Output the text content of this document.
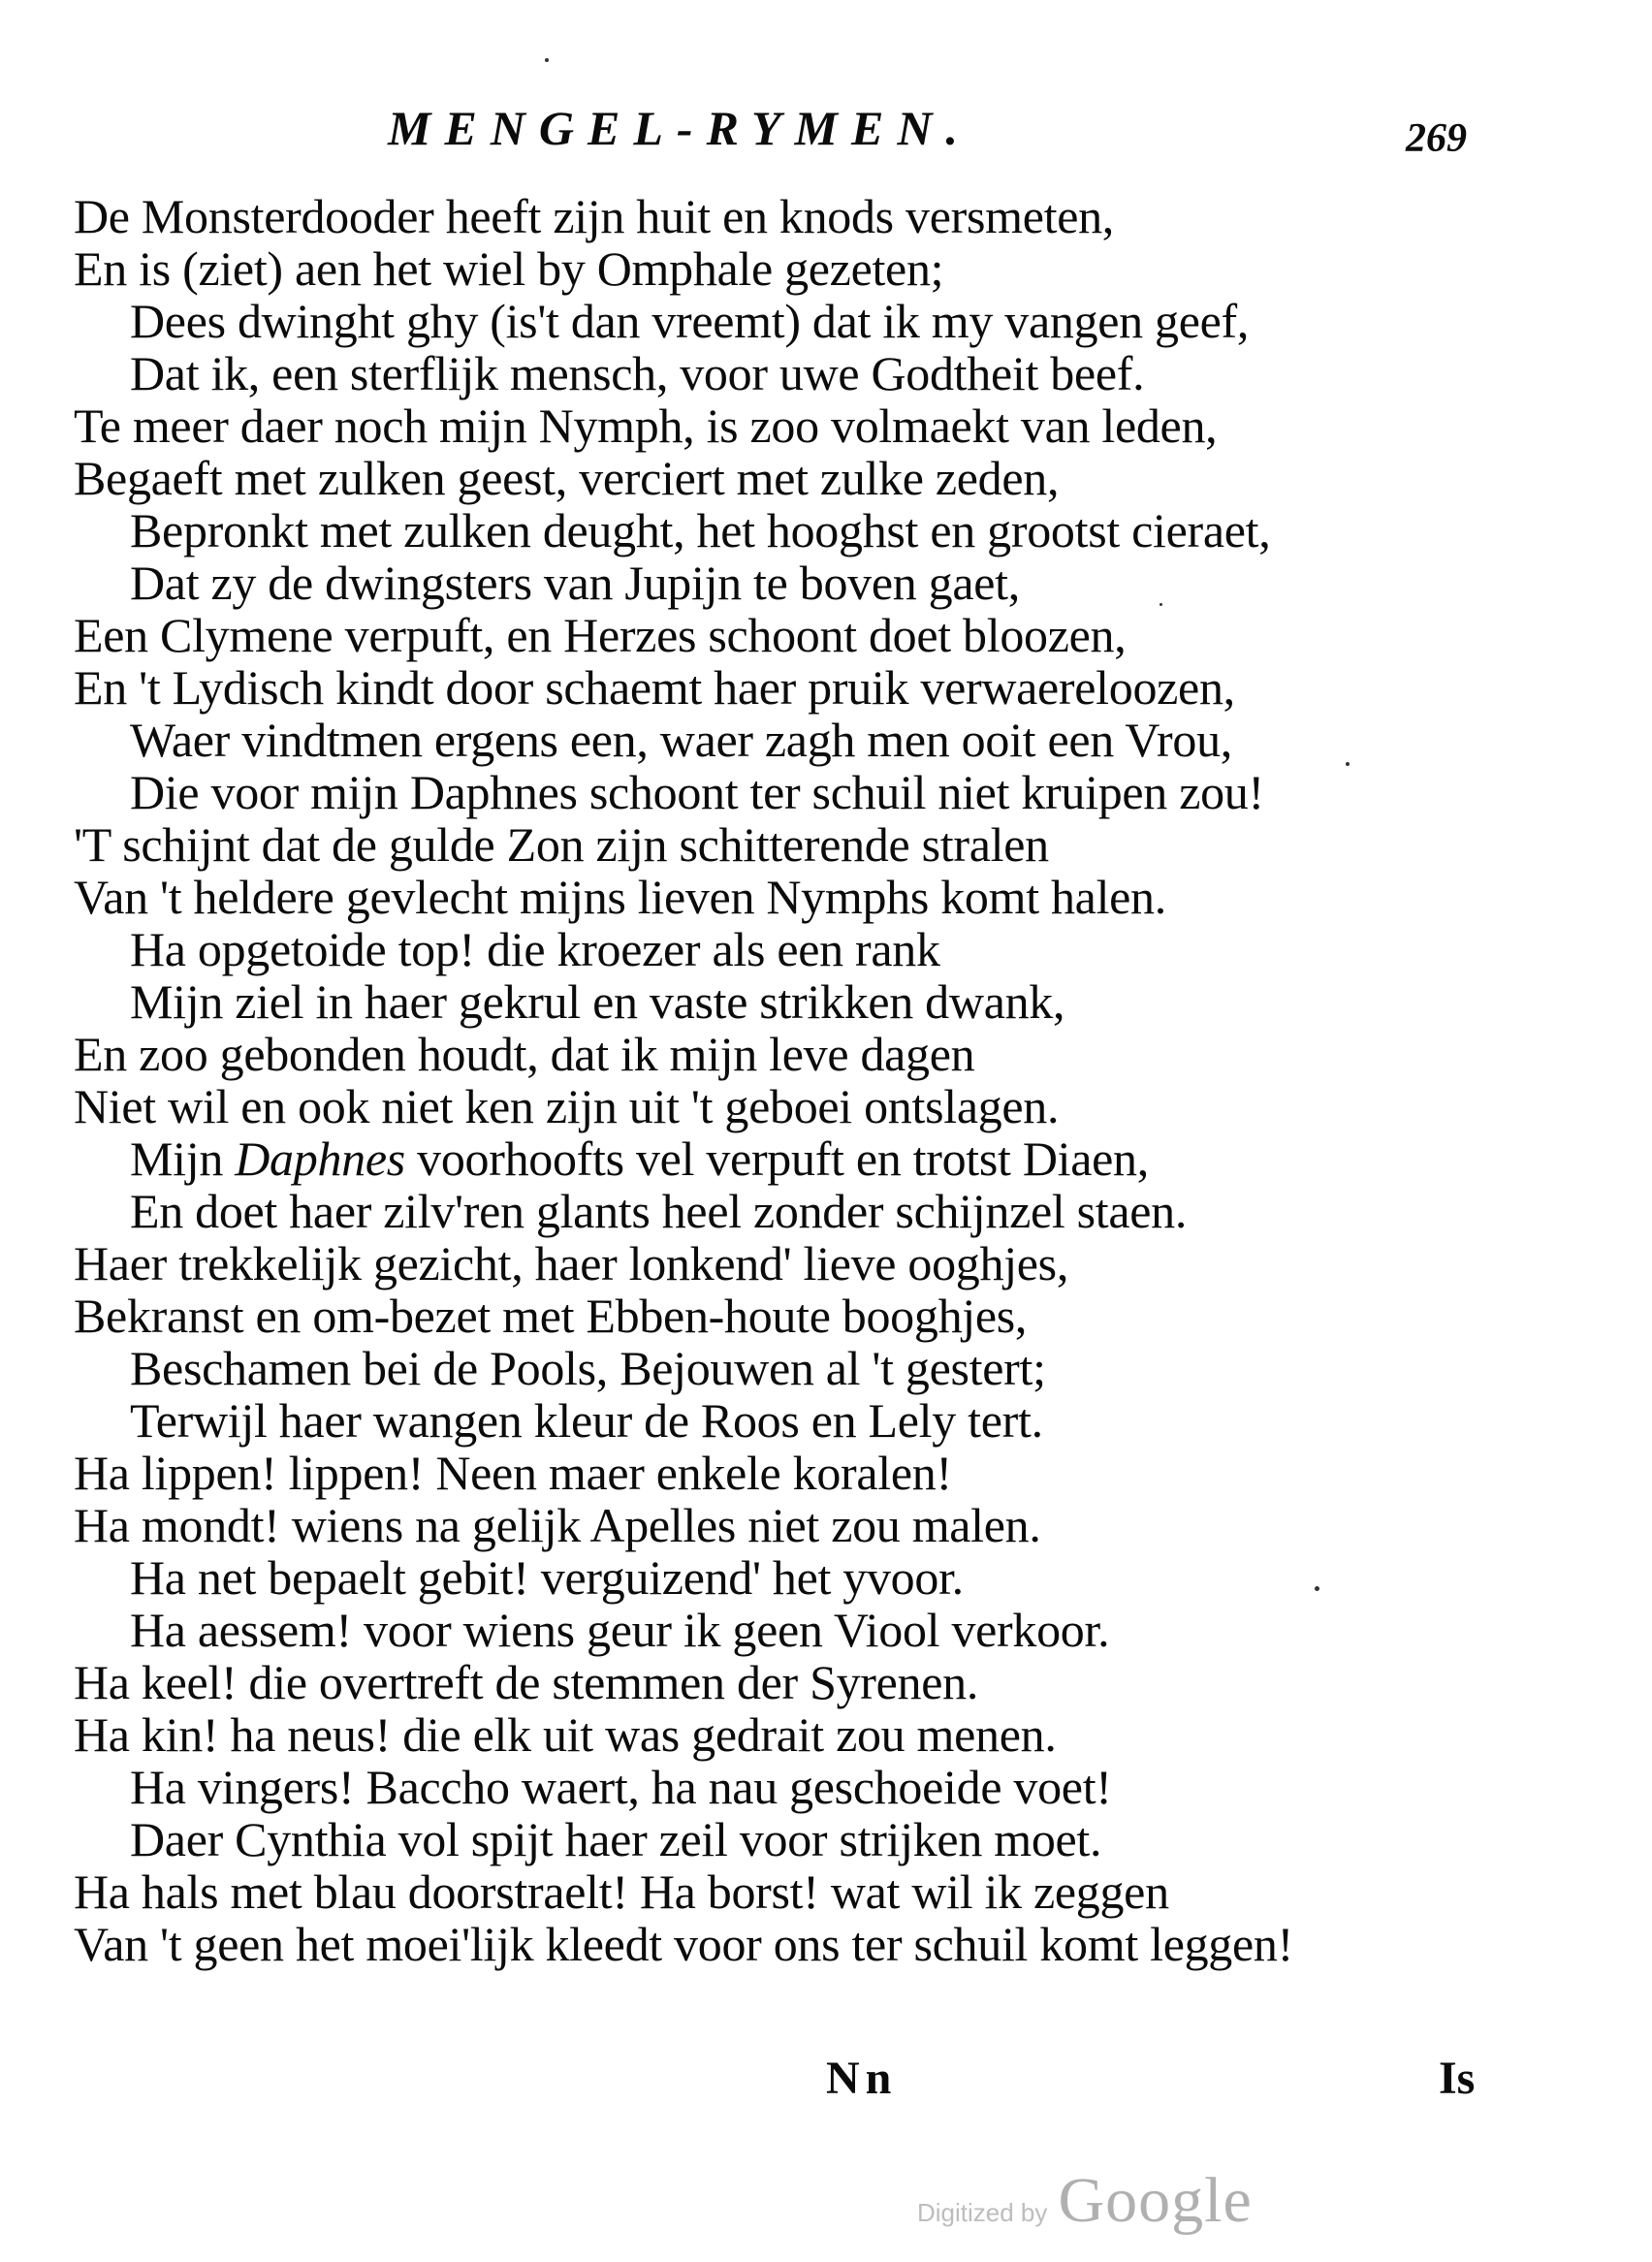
MENGEL-RYMEN.	269
De Monsterdooder heeft zijn huit en knods versmeten,
En is (ziet) aen het wiel by Omphale gezeten;
Dees dwinght ghy (is't dan vreemt) dat ik my vangen geef,
Dat ik, een sterflijk mensch, voor uwe Godtheit beef.
Te meer daer noch mijn Nymph, is zoo volmaekt van leden,
Begaeft met zulken geest, verciert met zulke zeden,
Bepronkt met zulken deught, het hooghst en grootst cieraet,
Dat zy de dwingsters van Jupijn te boven gaet,
Een Clymene verpuft, en Herzes schoont doet bloozen,
En 't Lydisch kindt door schaemt haer pruik verwaereloozen,
Waer vindtmen ergens een, waer zagh men ooit een Vrou,
Die voor mijn Daphnes schoont ter schuil niet kruipen zou!
'T schijnt dat de gulde Zon zijn schitterende stralen
Van 't heldere gevlecht mijns lieven Nymphs komt halen.
Ha opgetoide top! die kroezer als een rank
Mijn ziel in haer gekrul en vaste strikken dwank,
En zoo gebonden houdt, dat ik mijn leve dagen
Niet wil en ook niet ken zijn uit 't geboei ontslagen.
Mijn Daphnes voorhoofts vel verpuft en trotst Diaen,
En doet haer zilv'ren glants heel zonder schijnzel staen.
Haer trekkelijk gezicht, haer lonkend' lieve ooghjes,
Bekranst en om-bezet met Ebben-houte booghjes,
Beschamen bei de Pools, Bejouwen al 't gestert;
Terwijl haer wangen kleur de Roos en Lely tert.
Ha lippen! lippen! Neen maer enkele koralen!
Ha mondt! wiens na gelijk Apelles niet zou malen.
Ha net bepaelt gebit! verguizend' het yvoor.
Ha aessem! voor wiens geur ik geen Viool verkoor.
Ha keel! die overtreft de stemmen der Syrenen.
Ha kin! ha neus! die elk uit was gedrait zou menen.
Ha vingers! Baccho waert, ha nau geschoeide voet!
Daer Cynthia vol spijt haer zeil voor strijken moet.
Ha hals met blau doorstraelt! Ha borst! wat wil ik zeggen
Van 't geen het moei'lijk kleedt voor ons ter schuil komt leggen!
Nn	Is
Digitized by Google
